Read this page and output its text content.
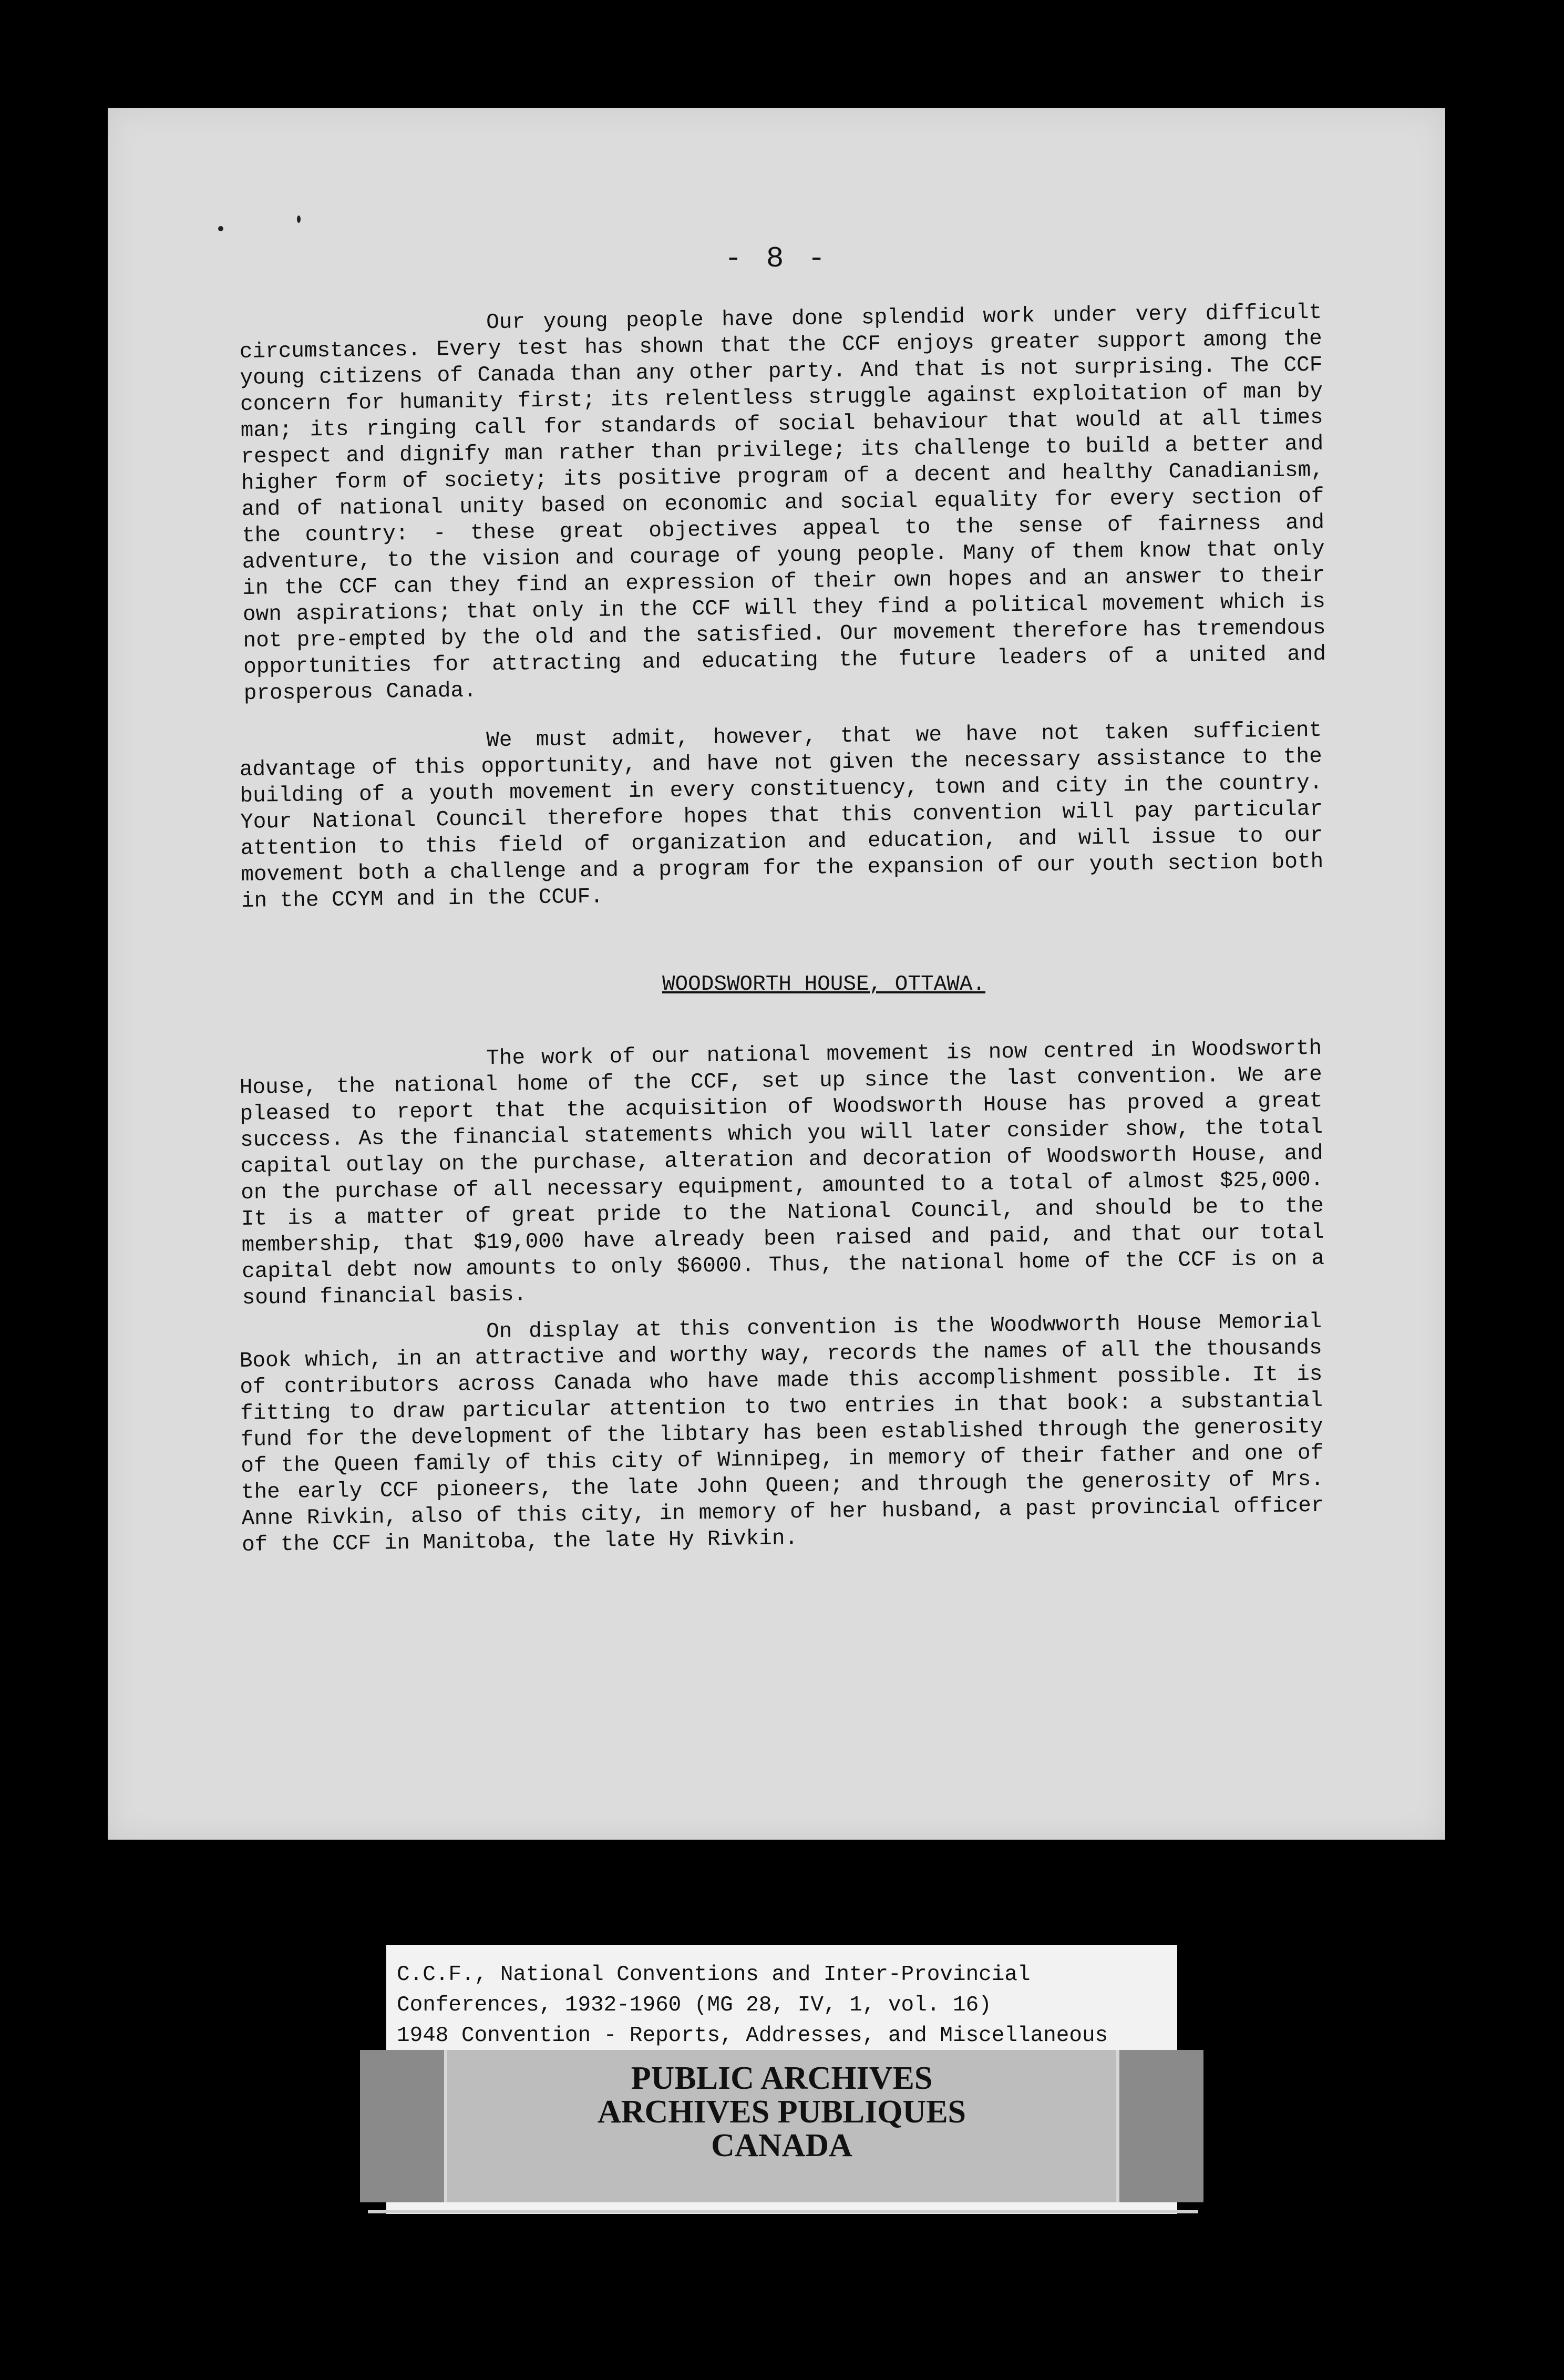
- 8 -

Our young people have done splendid work under very difficult circumstances. Every test has shown that the CCF enjoys greater support among the young citizens of Canada than any other party. And that is not surprising. The CCF concern for humanity first; its relentless struggle against exploitation of man by man; its ringing call for standards of social behaviour that would at all times respect and dignify man rather than privilege; its challenge to build a better and higher form of society; its positive program of a decent and healthy Canadianism, and of national unity based on economic and social equality for every section of the country: - these great objectives appeal to the sense of fairness and adventure, to the vision and courage of young people. Many of them know that only in the CCF can they find an expression of their own hopes and an answer to their own aspirations; that only in the CCF will they find a political movement which is not pre-empted by the old and the satisfied. Our movement therefore has tremendous opportunities for attracting and educating the future leaders of a united and prosperous Canada.

We must admit, however, that we have not taken sufficient advantage of this opportunity, and have not given the necessary assistance to the building of a youth movement in every constituency, town and city in the country. Your National Council therefore hopes that this convention will pay particular attention to this field of organization and education, and will issue to our movement both a challenge and a program for the expansion of our youth section both in the CCYM and in the CCUF.

WOODSWORTH HOUSE, OTTAWA.

The work of our national movement is now centred in Woodsworth House, the national home of the CCF, set up since the last convention. We are pleased to report that the acquisition of Woodsworth House has proved a great success. As the financial statements which you will later consider show, the total capital outlay on the purchase, alteration and decoration of Woodsworth House, and on the purchase of all necessary equipment, amounted to a total of almost $25,000. It is a matter of great pride to the National Council, and should be to the membership, that $19,000 have already been raised and paid, and that our total capital debt now amounts to only $6000. Thus, the national home of the CCF is on a sound financial basis.

On display at this convention is the Woodwworth House Memorial Book which, in an attractive and worthy way, records the names of all the thousands of contributors across Canada who have made this accomplishment possible. It is fitting to draw particular attention to two entries in that book: a substantial fund for the development of the libtary has been established through the generosity of the Queen family of this city of Winnipeg, in memory of their father and one of the early CCF pioneers, the late John Queen; and through the generosity of Mrs. Anne Rivkin, also of this city, in memory of her husband, a past provincial officer of the CCF in Manitoba, the late Hy Rivkin.

C.C.F., National Conventions and Inter-Provincial
Conferences, 1932-1960 (MG 28, IV, 1, vol. 16)
1948 Convention - Reports, Addresses, and Miscellaneous
PUBLIC ARCHIVES
ARCHIVES PUBLIQUES
CANADA
